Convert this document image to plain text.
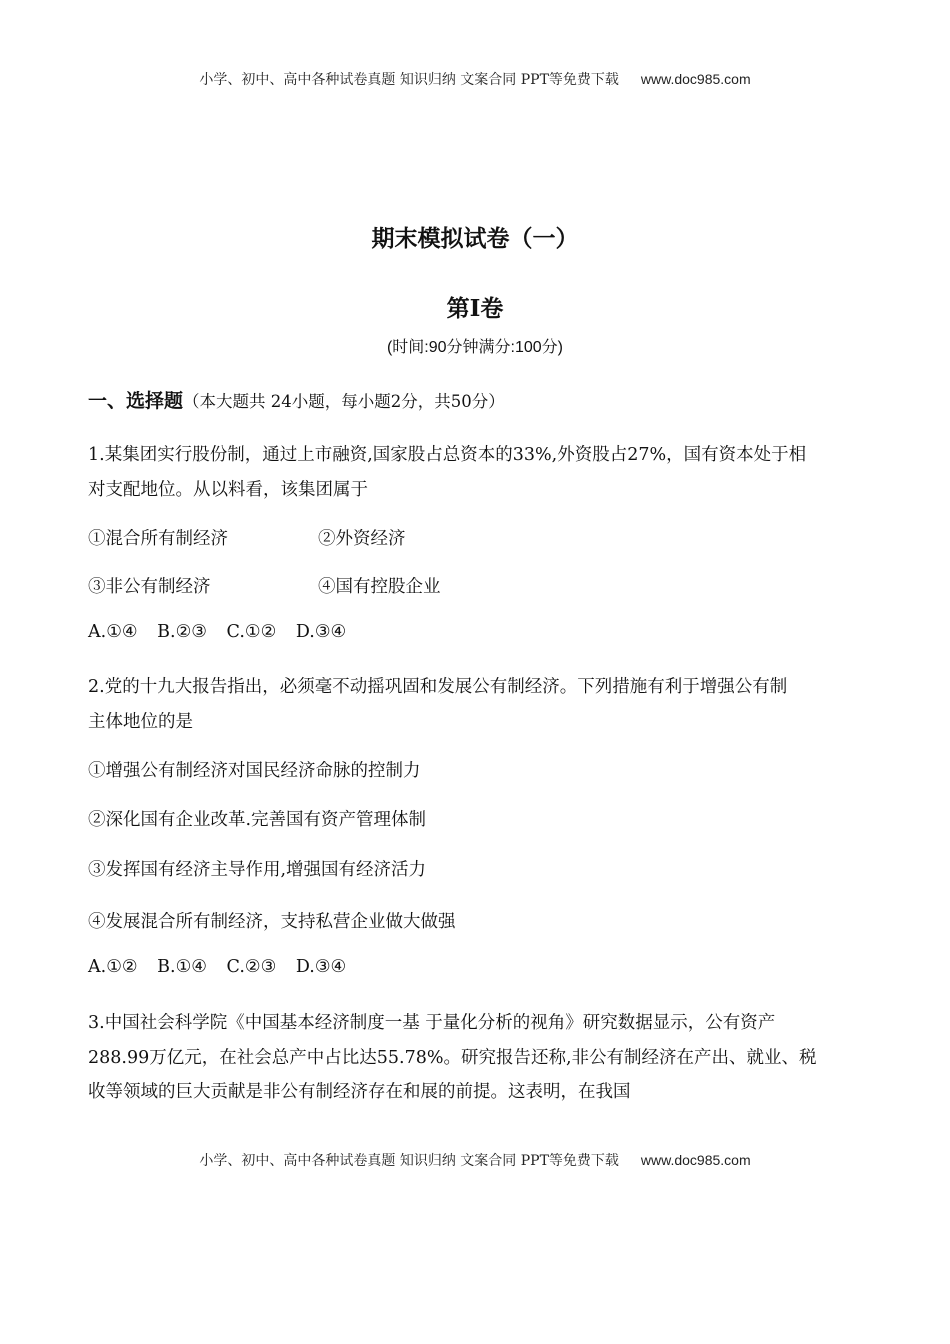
小学、初中、高中各种试卷真题 知识归纳 文案合同 PPT等免费下载 www.doc985.com
期末模拟试卷（一）
第Ⅰ卷
(时间:90分钟满分:100分)
一、选择题（本大题共 24小题，每小题2分，共50分）
1.某集团实行股份制，通过上市融资,国家股占总资本的33%,外资股占27%，国有资本处于相
对支配地位。从以料看，该集团属于
①混合所有制经济	②外资经济
③非公有制经济	④国有控股企业
A.①④ B.②③ C.①② D.③④
2.党的十九大报告指出，必须毫不动摇巩固和发展公有制经济。下列措施有利于增强公有制
主体地位的是
①增强公有制经济对国民经济命脉的控制力
②深化国有企业改革.完善国有资产管理体制
③发挥国有经济主导作用,增强国有经济活力
④发展混合所有制经济，支持私营企业做大做强
A.①② B.①④ C.②③ D.③④
3.中国社会科学院《中国基本经济制度一基 于量化分析的视角》研究数据显示，公有资产
288.99万亿元，在社会总产中占比达55.78%。研究报告还称,非公有制经济在产出、就业、税
收等领域的巨大贡献是非公有制经济存在和展的前提。这表明，在我国
小学、初中、高中各种试卷真题 知识归纳 文案合同 PPT等免费下载 www.doc985.com
